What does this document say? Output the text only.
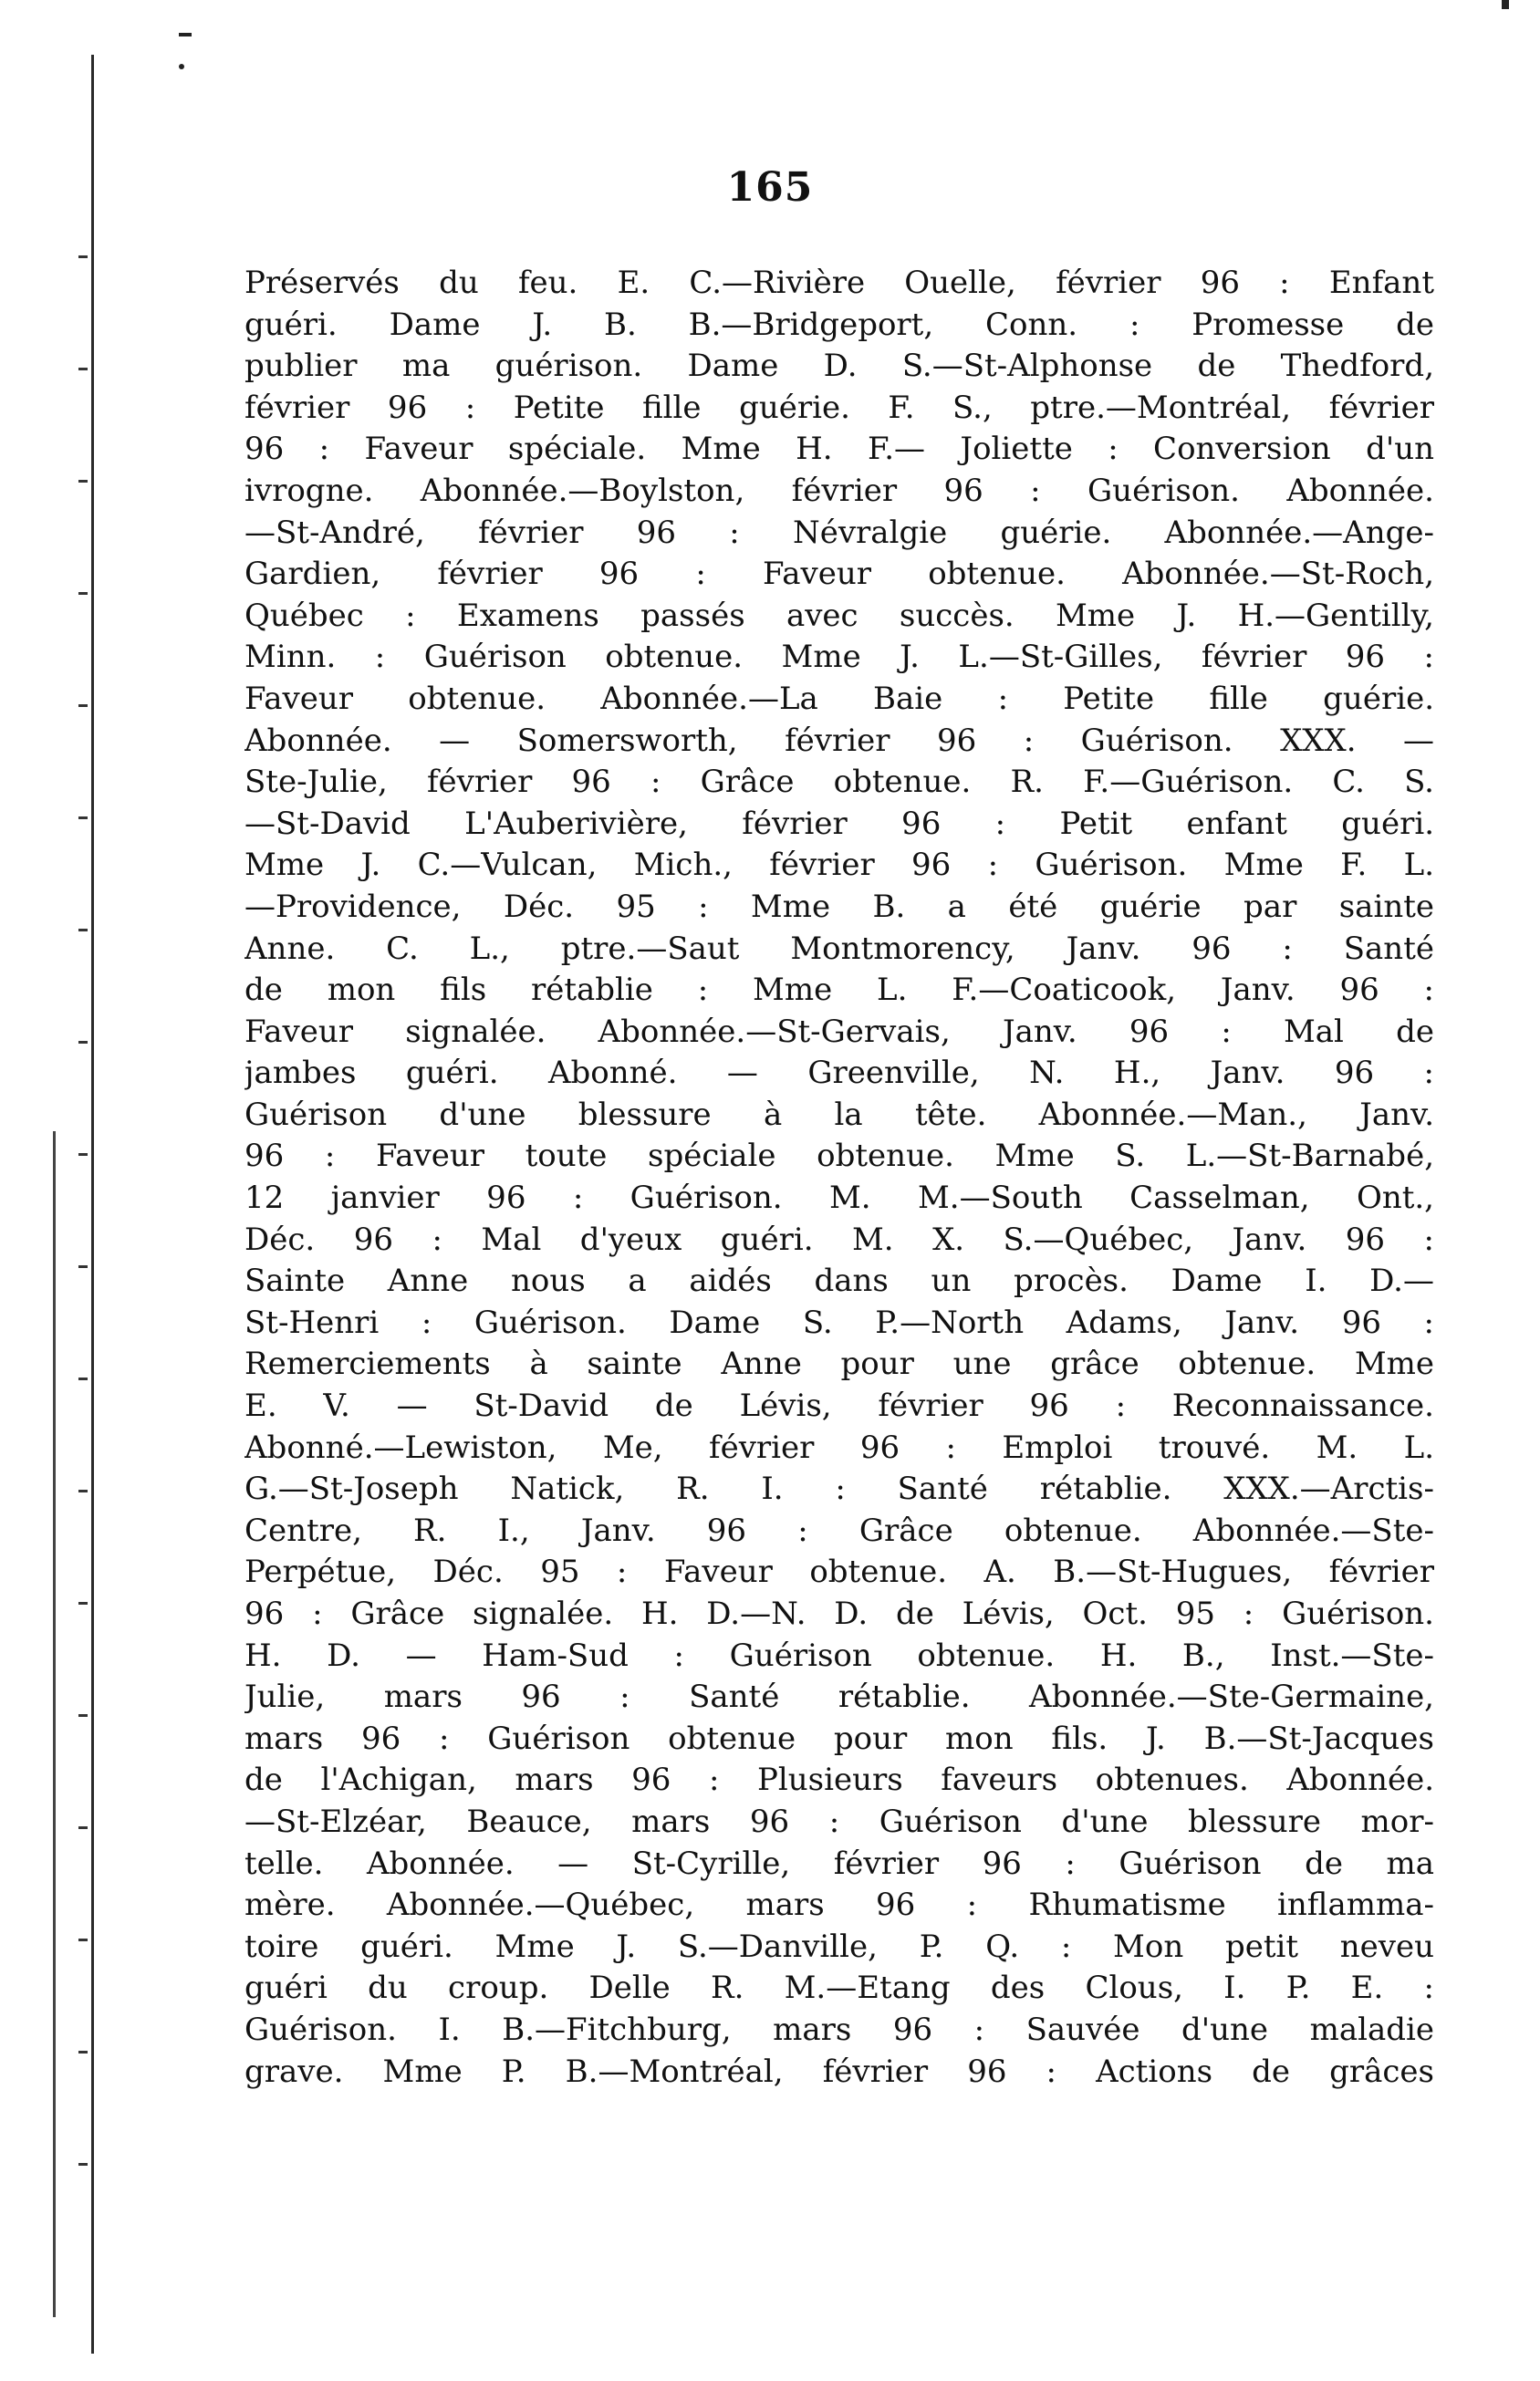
165
Préservés du feu. E. C.—Rivière Ouelle, février 96 : Enfant
guéri. Dame J. B. B.—Bridgeport, Conn. : Promesse de
publier ma guérison. Dame D. S.—St-Alphonse de Thedford,
février 96 : Petite fille guérie. F. S., ptre.—Montréal, février
96 : Faveur spéciale. Mme H. F.— Joliette : Conversion d'un
ivrogne. Abonnée.—Boylston, février 96 : Guérison. Abonnée.
—St-André, février 96 : Névralgie guérie. Abonnée.—Ange-
Gardien, février 96 : Faveur obtenue. Abonnée.—St-Roch,
Québec : Examens passés avec succès. Mme J. H.—Gentilly,
Minn. : Guérison obtenue. Mme J. L.—St-Gilles, février 96 :
Faveur obtenue. Abonnée.—La Baie : Petite fille guérie.
Abonnée. — Somersworth, février 96 : Guérison. XXX. —
Ste-Julie, février 96 : Grâce obtenue. R. F.—Guérison. C. S.
—St-David L'Auberivière, février 96 : Petit enfant guéri.
Mme J. C.—Vulcan, Mich., février 96 : Guérison. Mme F. L.
—Providence, Déc. 95 : Mme B. a été guérie par sainte
Anne. C. L., ptre.—Saut Montmorency, Janv. 96 : Santé
de mon fils rétablie : Mme L. F.—Coaticook, Janv. 96 :
Faveur signalée. Abonnée.—St-Gervais, Janv. 96 : Mal de
jambes guéri. Abonné. — Greenville, N. H., Janv. 96 :
Guérison d'une blessure à la tête. Abonnée.—Man., Janv.
96 : Faveur toute spéciale obtenue. Mme S. L.—St-Barnabé,
12 janvier 96 : Guérison. M. M.—South Casselman, Ont.,
Déc. 96 : Mal d'yeux guéri. M. X. S.—Québec, Janv. 96 :
Sainte Anne nous a aidés dans un procès. Dame I. D.—
St-Henri : Guérison. Dame S. P.—North Adams, Janv. 96 :
Remerciements à sainte Anne pour une grâce obtenue. Mme
E. V. — St-David de Lévis, février 96 : Reconnaissance.
Abonné.—Lewiston, Me, février 96 : Emploi trouvé. M. L.
G.—St-Joseph Natick, R. I. : Santé rétablie. XXX.—Arctis-
Centre, R. I., Janv. 96 : Grâce obtenue. Abonnée.—Ste-
Perpétue, Déc. 95 : Faveur obtenue. A. B.—St-Hugues, février
96 : Grâce signalée. H. D.—N. D. de Lévis, Oct. 95 : Guérison.
H. D. — Ham-Sud : Guérison obtenue. H. B., Inst.—Ste-
Julie, mars 96 : Santé rétablie. Abonnée.—Ste-Germaine,
mars 96 : Guérison obtenue pour mon fils. J. B.—St-Jacques
de l'Achigan, mars 96 : Plusieurs faveurs obtenues. Abonnée.
—St-Elzéar, Beauce, mars 96 : Guérison d'une blessure mor-
telle. Abonnée. — St-Cyrille, février 96 : Guérison de ma
mère. Abonnée.—Québec, mars 96 : Rhumatisme inflamma-
toire guéri. Mme J. S.—Danville, P. Q. : Mon petit neveu
guéri du croup. Delle R. M.—Etang des Clous, I. P. E. :
Guérison. I. B.—Fitchburg, mars 96 : Sauvée d'une maladie
grave. Mme P. B.—Montréal, février 96 : Actions de grâces
